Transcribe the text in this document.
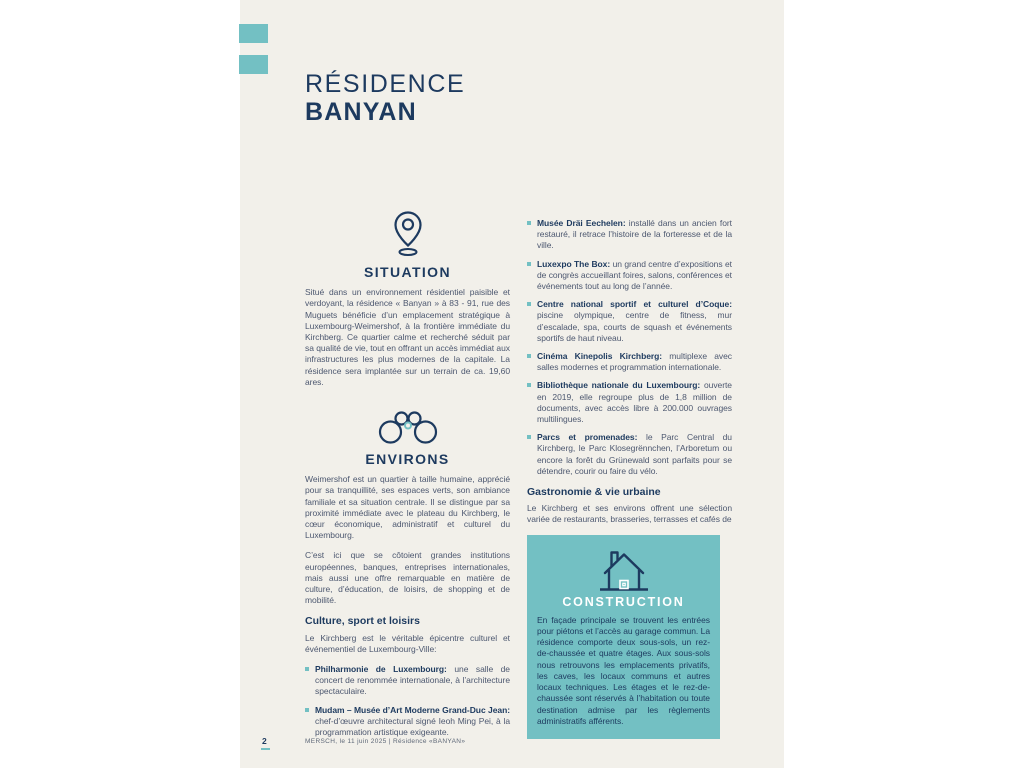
RÉSIDENCE
BANYAN
SITUATION

Situé dans un environnement résidentiel paisible et verdoyant, la résidence « Banyan » à 83 - 91, rue des Muguets bénéficie d’un emplacement stratégique à Luxembourg-Weimershof, à la frontière immédiate du Kirchberg. Ce quartier calme et recherché séduit par sa qualité de vie, tout en offrant un accès immédiat aux infrastructures les plus modernes de la capitale. La résidence sera implantée sur un terrain de ca. 19,60 ares.

ENVIRONS

Weimershof est un quartier à taille humaine, apprécié pour sa tranquillité, ses espaces verts, son ambiance familiale et sa situation centrale. Il se distingue par sa proximité immédiate avec le plateau du Kirchberg, le cœur économique, administratif et culturel du Luxembourg.

C’est ici que se côtoient grandes institutions européennes, banques, entreprises internationales, mais aussi une offre remarquable en matière de culture, d’éducation, de loisirs, de shopping et de mobilité.

Culture, sport et loisirs

Le Kirchberg est le véritable épicentre culturel et événementiel de Luxembourg-Ville:

Philharmonie de Luxembourg: une salle de concert de renommée internationale, à l’architecture spectaculaire.
Mudam – Musée d’Art Moderne Grand-Duc Jean: chef-d’œuvre architectural signé Ieoh Ming Pei, à la programmation artistique exigeante.
Musée Dräi Eechelen: installé dans un ancien fort restauré, il retrace l’histoire de la forteresse et de la ville.
Luxexpo The Box: un grand centre d’expositions et de congrès accueillant foires, salons, conférences et événements tout au long de l’année.
Centre national sportif et culturel d’Coque: piscine olympique, centre de fitness, mur d’escalade, spa, courts de squash et événements sportifs de haut niveau.
Cinéma Kinepolis Kirchberg: multiplexe avec salles modernes et programmation internationale.
Bibliothèque nationale du Luxembourg: ouverte en 2019, elle regroupe plus de 1,8 million de documents, avec accès libre à 200.000 ouvrages multilingues.
Parcs et promenades: le Parc Central du Kirchberg, le Parc Klosegrënnchen, l’Arboretum ou encore la forêt du Grünewald sont parfaits pour se détendre, courir ou faire du vélo.
Gastronomie & vie urbaine

Le Kirchberg et ses environs offrent une sélection variée de restaurants, brasseries, terrasses et cafés de

CONSTRUCTION

En façade principale se trouvent les entrées pour piétons et l’accès au garage commun. La résidence comporte deux sous-sols, un rez-de-chaussée et quatre étages. Aux sous-sols nous retrouvons les emplacements privatifs, les caves, les locaux communs et autres locaux techniques. Les étages et le rez-de-chaussée sont réservés à l’habitation ou toute destination admise par les règlements administratifs afférents.

2	MERSCH, le 11 juin 2025 | Résidence «BANYAN»
